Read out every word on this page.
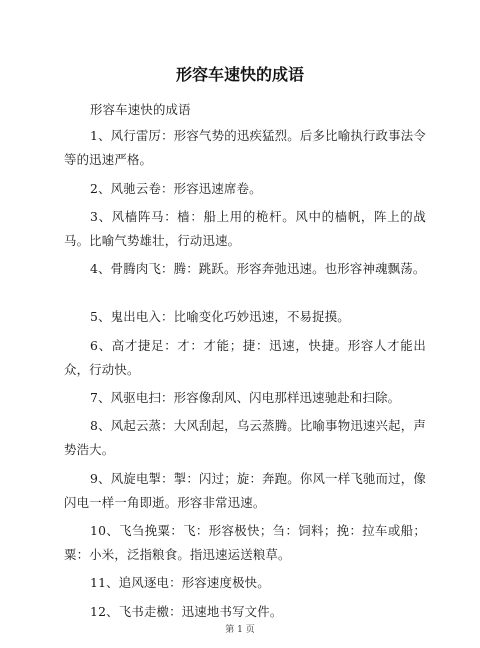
形容车速快的成语

形容车速快的成语

1、风行雷厉：形容气势的迅疾猛烈。后多比喻执行政事法令等的迅速严格。

2、风驰云卷：形容迅速席卷。

3、风樯阵马：樯：船上用的桅杆。风中的樯帆，阵上的战马。比喻气势雄壮，行动迅速。

4、骨腾肉飞：腾：跳跃。形容奔弛迅速。也形容神魂飘荡。

5、鬼出电入：比喻变化巧妙迅速，不易捉摸。

6、高才捷足：才：才能；捷：迅速，快捷。形容人才能出众，行动快。

7、风驱电扫：形容像刮风、闪电那样迅速驰赴和扫除。

8、风起云蒸：大风刮起，乌云蒸腾。比喻事物迅速兴起，声势浩大。

9、风旋电掣：掣：闪过；旋：奔跑。你风一样飞驰而过，像闪电一样一角即逝。形容非常迅速。

10、飞刍挽粟：飞：形容极快；刍：饲料；挽：拉车或船；粟：小米，泛指粮食。指迅速运送粮草。

11、追风逐电：形容速度极快。

12、飞书走檄：迅速地书写文件。

第 1 页
